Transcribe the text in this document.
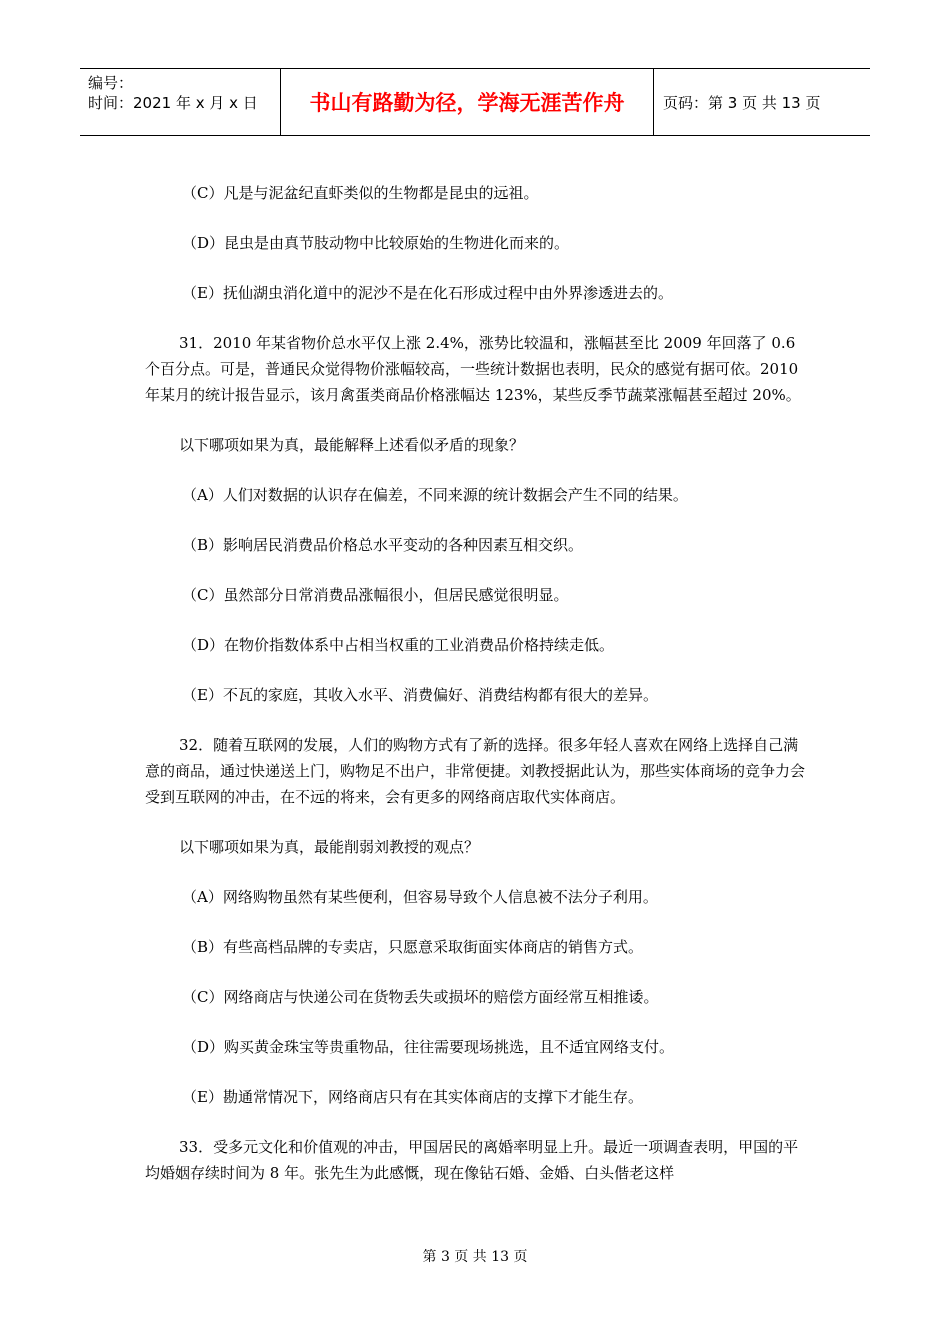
编号：
时间：2021 年 x 月 x 日	书山有路勤为径，学海无涯苦作舟	页码：第 3 页 共 13 页
（C）凡是与泥盆纪直虾类似的生物都是昆虫的远祖。
（D）昆虫是由真节肢动物中比较原始的生物进化而来的。
（E）抚仙湖虫消化道中的泥沙不是在化石形成过程中由外界渗透进去的。
31．2010 年某省物价总水平仅上涨 2.4%，涨势比较温和，涨幅甚至比 2009 年回落了 0.6 个百分点。可是，普通民众觉得物价涨幅较高，一些统计数据也表明，民众的感觉有据可依。2010 年某月的统计报告显示，该月禽蛋类商品价格涨幅达 123%，某些反季节蔬菜涨幅甚至超过 20%。
以下哪项如果为真，最能解释上述看似矛盾的现象？
（A）人们对数据的认识存在偏差，不同来源的统计数据会产生不同的结果。
（B）影响居民消费品价格总水平变动的各种因素互相交织。
（C）虽然部分日常消费品涨幅很小，但居民感觉很明显。
（D）在物价指数体系中占相当权重的工业消费品价格持续走低。
（E）不瓦的家庭，其收入水平、消费偏好、消费结构都有很大的差异。
32．随着互联网的发展，人们的购物方式有了新的选择。很多年轻人喜欢在网络上选择自己满意的商品，通过快递送上门，购物足不出户，非常便捷。刘教授据此认为，那些实体商场的竞争力会受到互联网的冲击，在不远的将来，会有更多的网络商店取代实体商店。
以下哪项如果为真，最能削弱刘教授的观点？
（A）网络购物虽然有某些便利，但容易导致个人信息被不法分子利用。
（B）有些高档品牌的专卖店，只愿意采取街面实体商店的销售方式。
（C）网络商店与快递公司在货物丢失或损坏的赔偿方面经常互相推诿。
（D）购买黄金珠宝等贵重物品，往往需要现场挑选，且不适宜网络支付。
（E）勘通常情况下，网络商店只有在其实体商店的支撑下才能生存。
33．受多元文化和价值观的冲击，甲国居民的离婚率明显上升。最近一项调查表明，甲国的平均婚姻存续时间为 8 年。张先生为此感慨，现在像钻石婚、金婚、白头偕老这样
第 3 页 共 13 页
